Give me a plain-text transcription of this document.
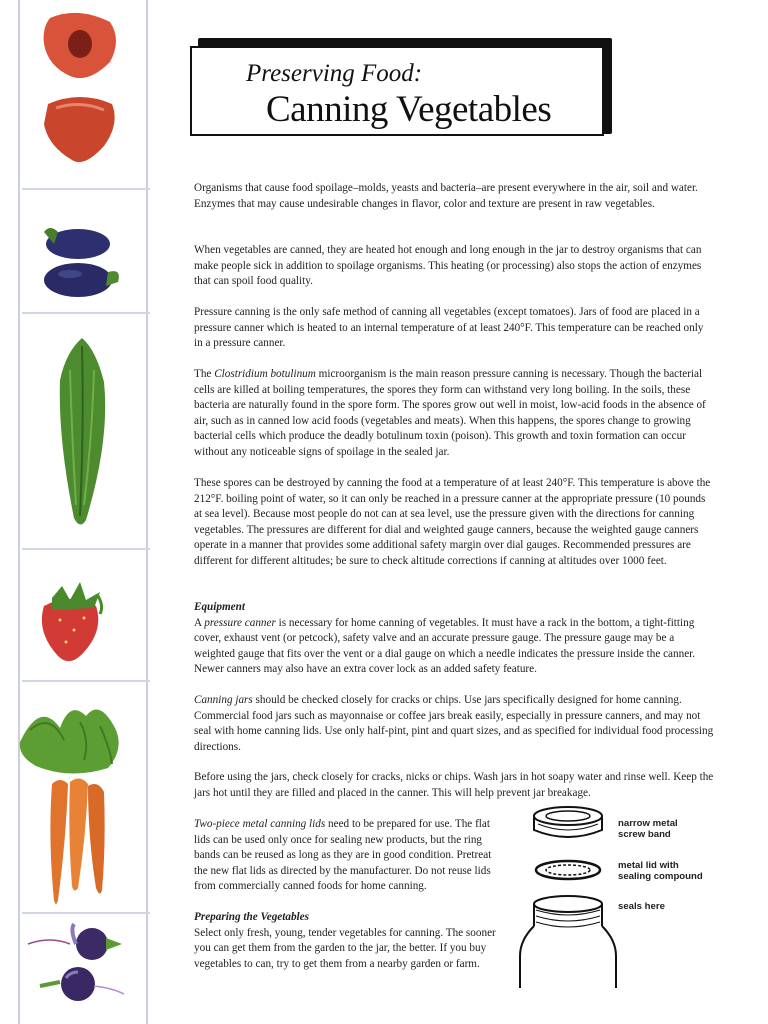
Preserving Food:
Canning Vegetables

Organisms that cause food spoilage–molds, yeasts and bacteria–are present everywhere in the air, soil and water. Enzymes that may cause undesirable changes in flavor, color and texture are present in raw vegetables.

When vegetables are canned, they are heated hot enough and long enough in the jar to destroy organisms that can make people sick in addition to spoilage organisms. This heating (or processing) also stops the action of enzymes that can spoil food quality.

Pressure canning is the only safe method of canning all vegetables (except tomatoes). Jars of food are placed in a pressure canner which is heated to an internal temperature of at least 240°F. This temperature can be reached only in a pressure canner.

The Clostridium botulinum microorganism is the main reason pressure canning is necessary. Though the bacterial cells are killed at boiling temperatures, the spores they form can withstand very long boiling. In the soils, these bacteria are naturally found in the spore form. The spores grow out well in moist, low-acid foods in the absence of air, such as in canned low acid foods (vegetables and meats). When this happens, the spores change to growing bacterial cells which produce the deadly botulinum toxin (poison). This growth and toxin formation can occur without any noticeable signs of spoilage in the sealed jar.

These spores can be destroyed by canning the food at a temperature of at least 240°F. This temperature is above the 212°F. boiling point of water, so it can only be reached in a pressure canner at the appropriate pressure (10 pounds at sea level). Because most people do not can at sea level, use the pressure given with the directions for canning vegetables. The pressures are different for dial and weighted gauge canners, because the weighted gauge canners operate in a manner that provides some additional safety margin over dial gauges. Recommended pressures are different for different altitudes; be sure to check altitude corrections if canning at altitudes over 1000 feet.

Equipment

A pressure canner is necessary for home canning of vegetables. It must have a rack in the bottom, a tight-fitting cover, exhaust vent (or petcock), safety valve and an accurate pressure gauge. The pressure gauge may be a weighted gauge that fits over the vent or a dial gauge on which a needle indicates the pressure inside the canner. Newer canners may also have an extra cover lock as an added safety feature.

Canning jars should be checked closely for cracks or chips. Use jars specifically designed for home canning. Commercial food jars such as mayonnaise or coffee jars break easily, especially in pressure canners, and may not seal with home canning lids. Use only half-pint, pint and quart sizes, and as specified for individual food processing directions.

Before using the jars, check closely for cracks, nicks or chips. Wash jars in hot soapy water and rinse well. Keep the jars hot until they are filled and placed in the canner. This will help prevent jar breakage.

Two-piece metal canning lids need to be prepared for use. The flat lids can be used only once for sealing new products, but the ring bands can be reused as long as they are in good condition. Pretreat the new flat lids as directed by the manufacturer. Do not reuse lids from commercially canned foods for home canning.

Preparing the Vegetables

Select only fresh, young, tender vegetables for canning. The sooner you can get them from the garden to the jar, the better. If you buy vegetables to can, try to get them from a nearby garden or farm.

narrow metal
screw band
metal lid with
sealing compound
seals here
